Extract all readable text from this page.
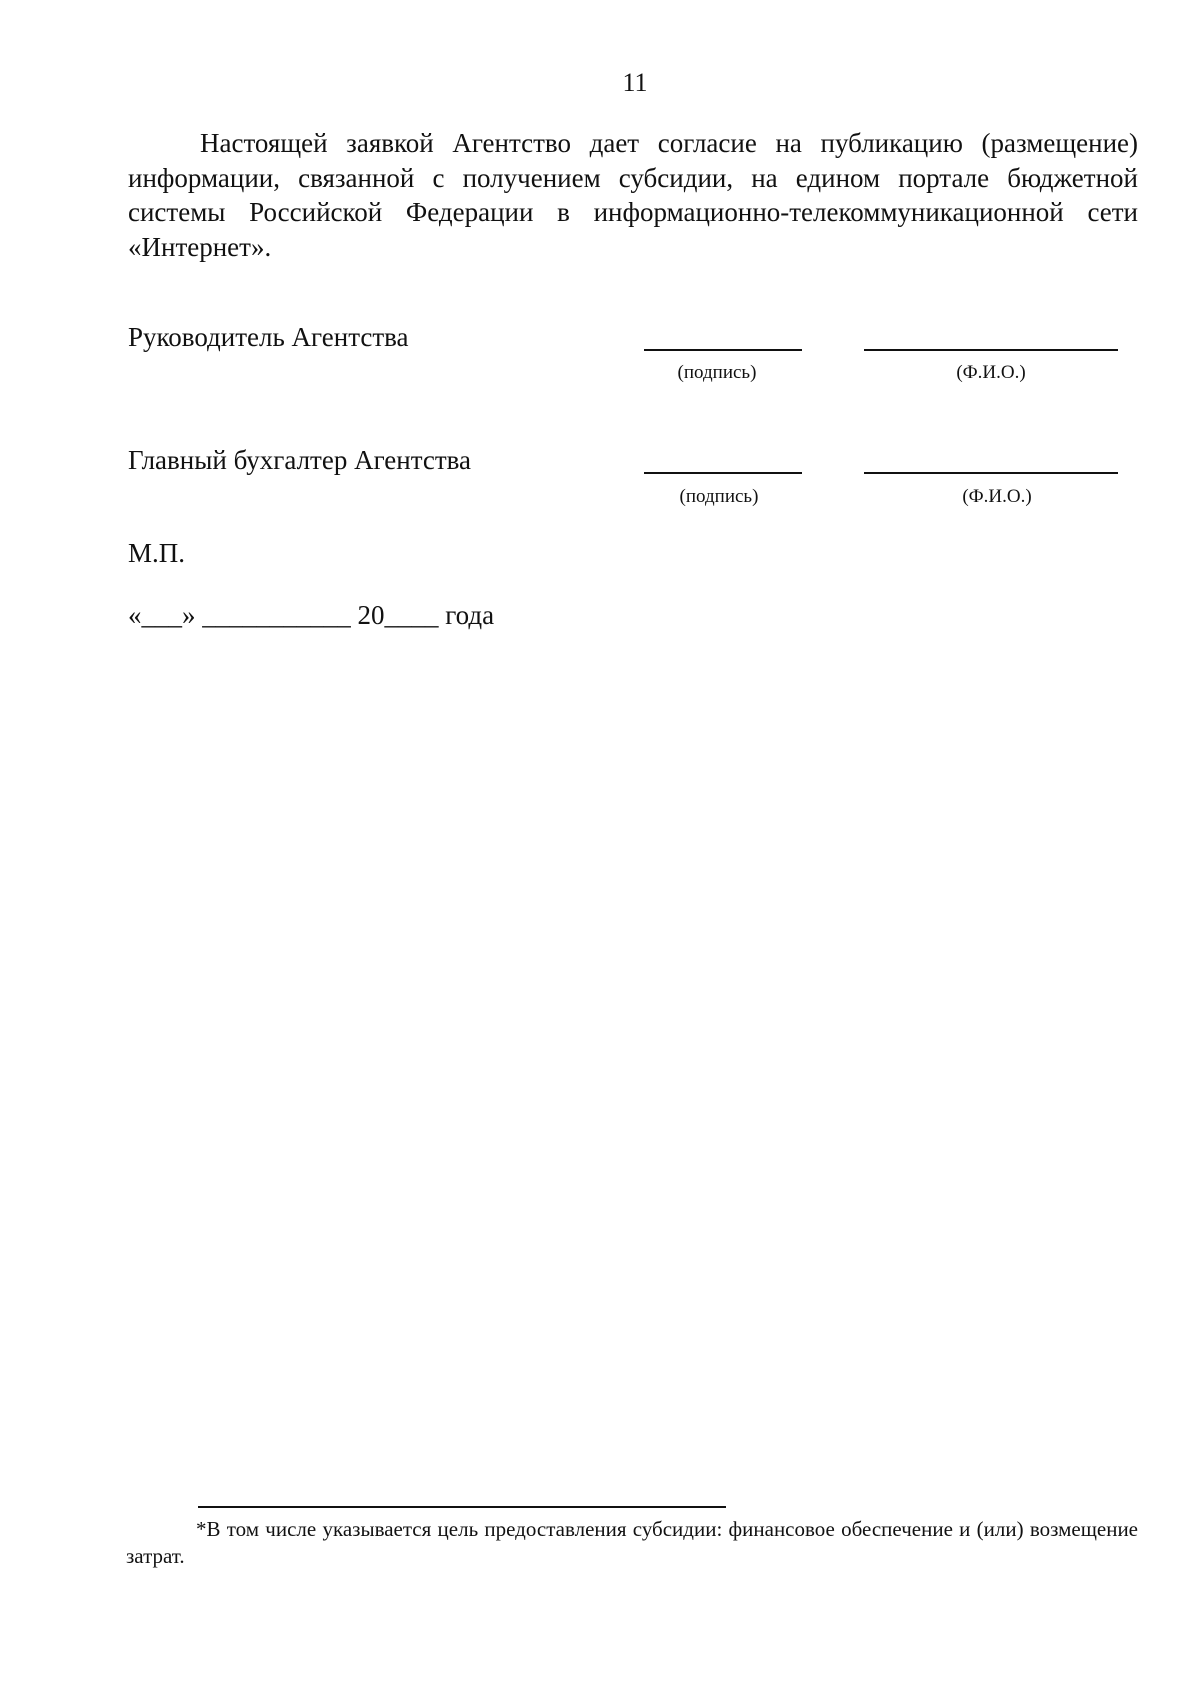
11

Настоящей заявкой Агентство дает согласие на публикацию (размещение) информации, связанной с получением субсидии, на едином портале бюджетной системы Российской Федерации в информационно-телекоммуникационной сети «Интернет».

Руководитель Агентства
(подпись)	(Ф.И.О.)
Главный бухгалтер Агентства
(подпись)	(Ф.И.О.)
М.П.
«___» ___________ 20____ года

*В том числе указывается цель предоставления субсидии: финансовое обеспечение и (или) возмещение затрат.
